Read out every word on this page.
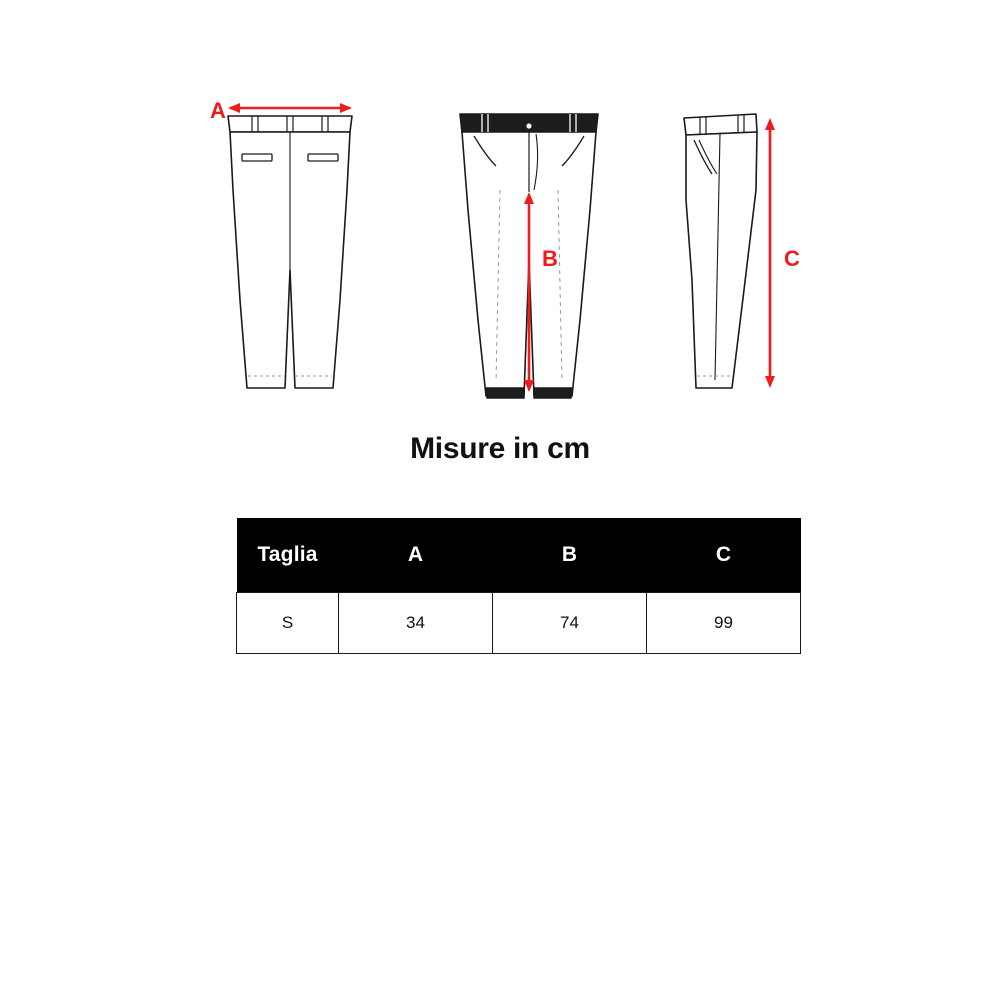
A
B	C
Misure in cm
Taglia	A	B	C
S	34	74	99
